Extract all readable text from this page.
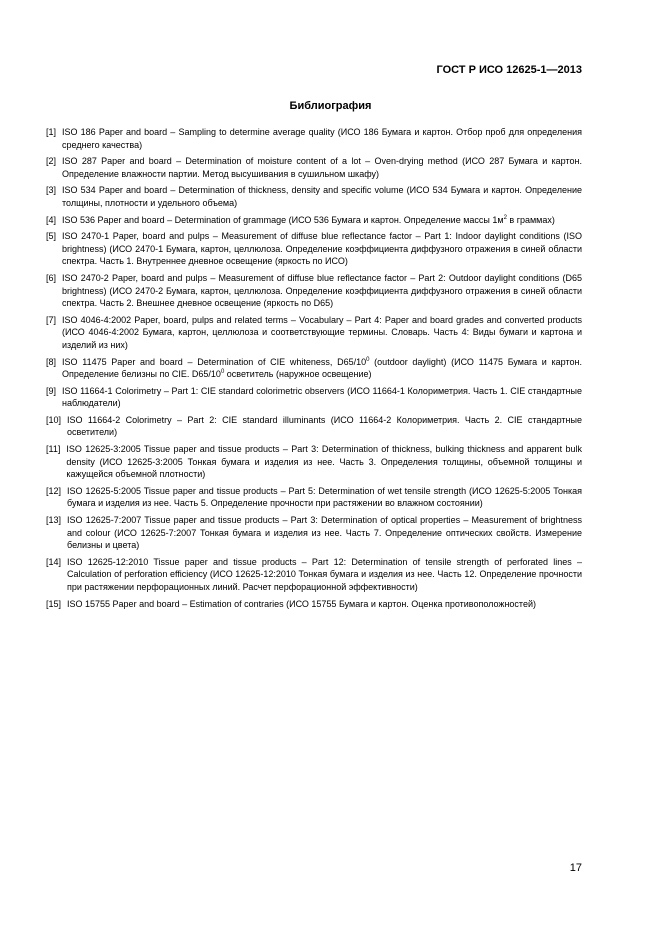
ГОСТ Р ИСО 12625-1—2013
Библиография
[1] ISO 186 Paper and board – Sampling to determine average quality (ИСО 186 Бумага и картон. Отбор проб для определения среднего качества)
[2] ISO 287 Paper and board – Determination of moisture content of a lot – Oven-drying method (ИСО 287 Бумага и картон. Определение влажности партии. Метод высушивания в сушильном шкафу)
[3] ISO 534 Paper and board – Determination of thickness, density and specific volume (ИСО 534 Бумага и картон. Определение толщины, плотности и удельного объема)
[4] ISO 536 Paper and board – Determination of grammage (ИСО 536 Бумага и картон. Определение массы $1м^2$ в граммах)
[5] ISO 2470-1 Paper, board and pulps – Measurement of diffuse blue reflectance factor – Part 1: Indoor daylight conditions (ISO brightness) (ИСО 2470-1 Бумага, картон, целлюлоза. Определение коэффициента диффузного отражения в синей области спектра. Часть 1. Внутреннее дневное освещение (яркость по ИСО)
[6] ISO 2470-2 Paper, board and pulps – Measurement of diffuse blue reflectance factor – Part 2: Outdoor daylight conditions (D65 brightness) (ИСО 2470-2 Бумага, картон, целлюлоза. Определение коэффициента диффузного отражения в синей области спектра. Часть 2. Внешнее дневное освещение (яркость по D65)
[7] ISO 4046-4:2002 Paper, board, pulps and related terms – Vocabulary – Part 4: Paper and board grades and converted products (ИСО 4046-4:2002 Бумага, картон, целлюлоза и соответствующие термины. Словарь. Часть 4: Виды бумаги и картона и изделий из них)
[8] ISO 11475 Paper and board – Determination of CIE whiteness, $D65/10^0$ (outdoor daylight) (ИСО 11475 Бумага и картон. Определение белизны по CIE. $D65/10^0$ осветитель (наружное освещение)
[9] ISO 11664-1 Colorimetry – Part 1: CIE standard colorimetric observers (ИСО 11664-1 Колориметрия. Часть 1. CIE стандартные наблюдатели)
[10] ISO 11664-2 Colorimetry – Part 2: CIE standard illuminants (ИСО 11664-2 Колориметрия. Часть 2. CIE стандартные осветители)
[11] ISO 12625-3:2005 Tissue paper and tissue products – Part 3: Determination of thickness, bulking thickness and apparent bulk density (ИСО 12625-3:2005 Тонкая бумага и изделия из нее. Часть 3. Определения толщины, объемной толщины и кажущейся объемной плотности)
[12] ISO 12625-5:2005 Tissue paper and tissue products – Part 5: Determination of wet tensile strength (ИСО 12625-5:2005 Тонкая бумага и изделия из нее. Часть 5. Определение прочности при растяжении во влажном состоянии)
[13] ISO 12625-7:2007 Tissue paper and tissue products – Part 3: Determination of optical properties – Measurement of brightness and colour (ИСО 12625-7:2007 Тонкая бумага и изделия из нее. Часть 7. Определение оптических свойств. Измерение белизны и цвета)
[14] ISO 12625-12:2010 Tissue paper and tissue products – Part 12: Determination of tensile strength of perforated lines – Calculation of perforation efficiency (ИСО 12625-12:2010 Тонкая бумага и изделия из нее. Часть 12. Определение прочности при растяжении перфорационных линий. Расчет перфорационной эффективности)
[15] ISO 15755 Paper and board – Estimation of contraries (ИСО 15755 Бумага и картон. Оценка противоположностей)
17
